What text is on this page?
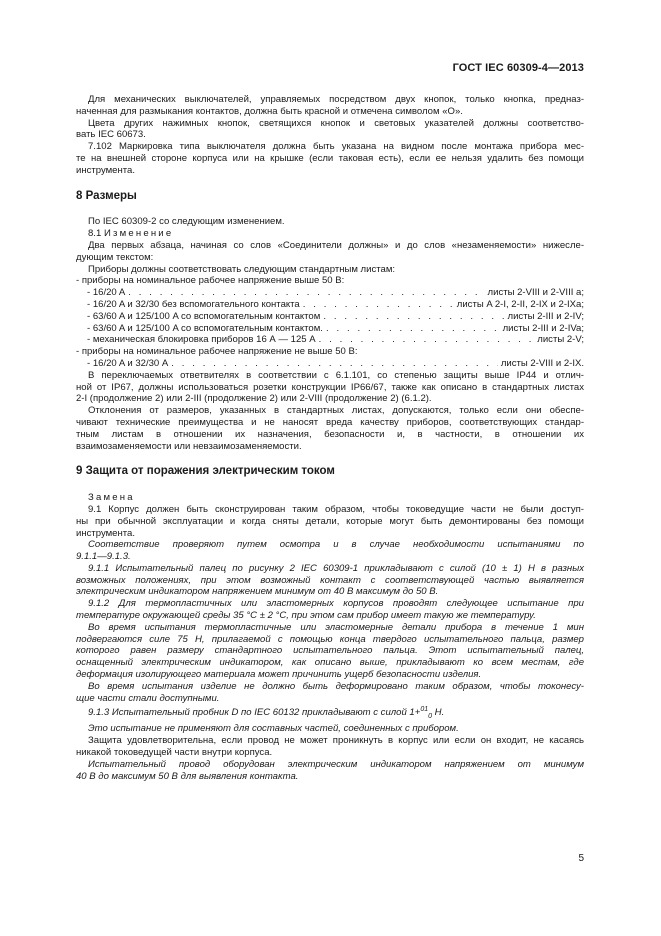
ГОСТ IEC 60309-4—2013

Для механических выключателей, управляемых посредством двух кнопок, только кнопка, предназ-

наченная для размыкания контактов, должна быть красной и отмечена символом «O».

Цвета других нажимных кнопок, светящихся кнопок и световых указателей должны соответство-

вать IEC 60673.

7.102 Маркировка типа выключателя должна быть указана на видном после монтажа прибора мес-

те на внешней стороне корпуса или на крышке (если таковая есть), если ее нельзя удалить без помощи

инструмента.

8 Размеры

По IEC 60309-2 со следующим изменением.

8.1 Изменение

Два первых абзаца, начиная со слов «Соединители должны» и до слов «незаменяемости» нижесле-

дующим текстом:

Приборы должны соответствовать следующим стандартным листам:

- приборы на номинальное рабочее напряжение выше 50 В:

- 16/20 A . . .	листы 2-VIII и 2-VIII a;
- 16/20 A и 32/30 без вспомогательного контакта . . .	листы A 2-I, 2-II, 2-IX и 2-IXa;
- 63/60 A и 125/100 A со вспомогательным контактом . . .	листы 2-III и 2-IV;
- 63/60 A и 125/100 A со вспомогательным контактом. . . .	листы 2-III и 2-IVa;
- механическая блокировка приборов 16 А — 125 А . . .	листы 2-V;

- приборы на номинальное рабочее напряжение не выше 50 В:

- 16/20 A и 32/30 A . . .	листы 2-VIII и 2-IX.

В переключаемых ответвителях в соответствии с 6.1.101, со степенью защиты выше IP44 и отлич-

ной от IP67, должны использоваться розетки конструкции IP66/67, также как описано в стандартных листах

2-I (продолжение 2) или 2-III (продолжение 2) или 2-VIII (продолжение 2) (6.1.2).

Отклонения от размеров, указанных в стандартных листах, допускаются, только если они обеспе-

чивают технические преимущества и не наносят вреда качеству приборов, соответствующих стандар-

тным листам в отношении их назначения, безопасности и, в частности, в отношении их

взаимозаменяемости или невзаимозаменяемости.

9 Защита от поражения электрическим током

Замена

9.1 Корпус должен быть сконструирован таким образом, чтобы токоведущие части не были доступ-

ны при обычной эксплуатации и когда сняты детали, которые могут быть демонтированы без помощи

инструмента.

Соответствие проверяют путем осмотра и в случае необходимости испытаниями по

9.1.1—9.1.3.

9.1.1 Испытательный палец по рисунку 2 IEC 60309-1 прикладывают с силой (10 ± 1) Н в разных

возможных положениях, при этом возможный контакт с соответствующей частью выявляется

электрическим индикатором напряжением минимум от 40 В максимум до 50 В.

9.1.2 Для термопластичных или эластомерных корпусов проводят следующее испытание при

температуре окружающей среды 35 °С ± 2 °С, при этом сам прибор имеет такую же температуру.

Во время испытания термопластичные или эластомерные детали прибора в течение 1 мин

подвергаются силе 75 Н, прилагаемой с помощью конца твердого испытательного пальца, размер

которого равен размеру стандартного испытательного пальца. Этот испытательный палец,

оснащенный электрическим индикатором, как описано выше, прикладывают ко всем местам, где

деформация изолирующего материала может причинить ущерб безопасности изделия.

Во время испытания изделие не должно быть деформировано таким образом, чтобы токонесу-

щие части стали доступными.

9.1.3 Испытательный пробник D по IEC 60132 прикладывают с силой 1+$^{01}_0$ Н.

Это испытание не применяют для составных частей, соединенных с прибором.

Защита удовлетворительна, если провод не может проникнуть в корпус или если он входит, не касаясь никакой токоведущей части внутри корпуса.

Испытательный провод оборудован электрическим индикатором напряжением от минимум

40 В до максимум 50 В для выявления контакта.

5
